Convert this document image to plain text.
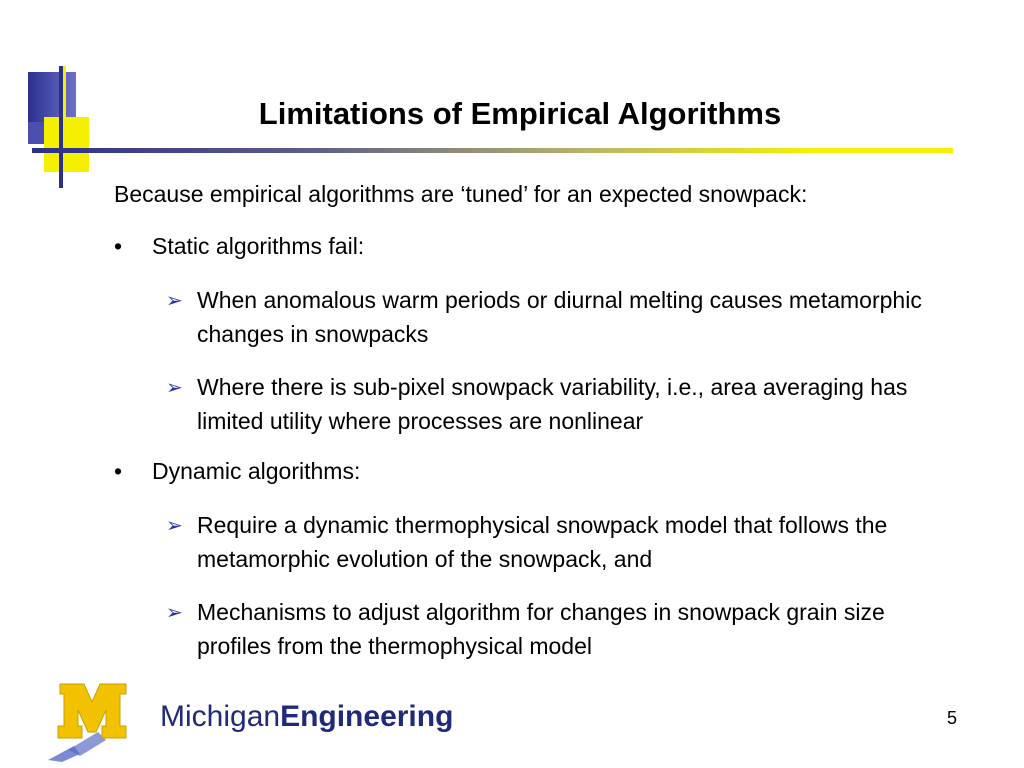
Limitations of Empirical Algorithms
Because empirical algorithms are ‘tuned’ for an expected snowpack:
• Static algorithms fail:
➢ When anomalous warm periods or diurnal melting causes metamorphic changes in snowpacks
➢ Where there is sub-pixel snowpack variability, i.e., area averaging has limited utility where processes are nonlinear
• Dynamic algorithms:
➢ Require a dynamic thermophysical snowpack model that follows the metamorphic evolution of the snowpack, and
➢ Mechanisms to adjust algorithm for changes in snowpack grain size profiles from the thermophysical model
MichiganEngineering	5
